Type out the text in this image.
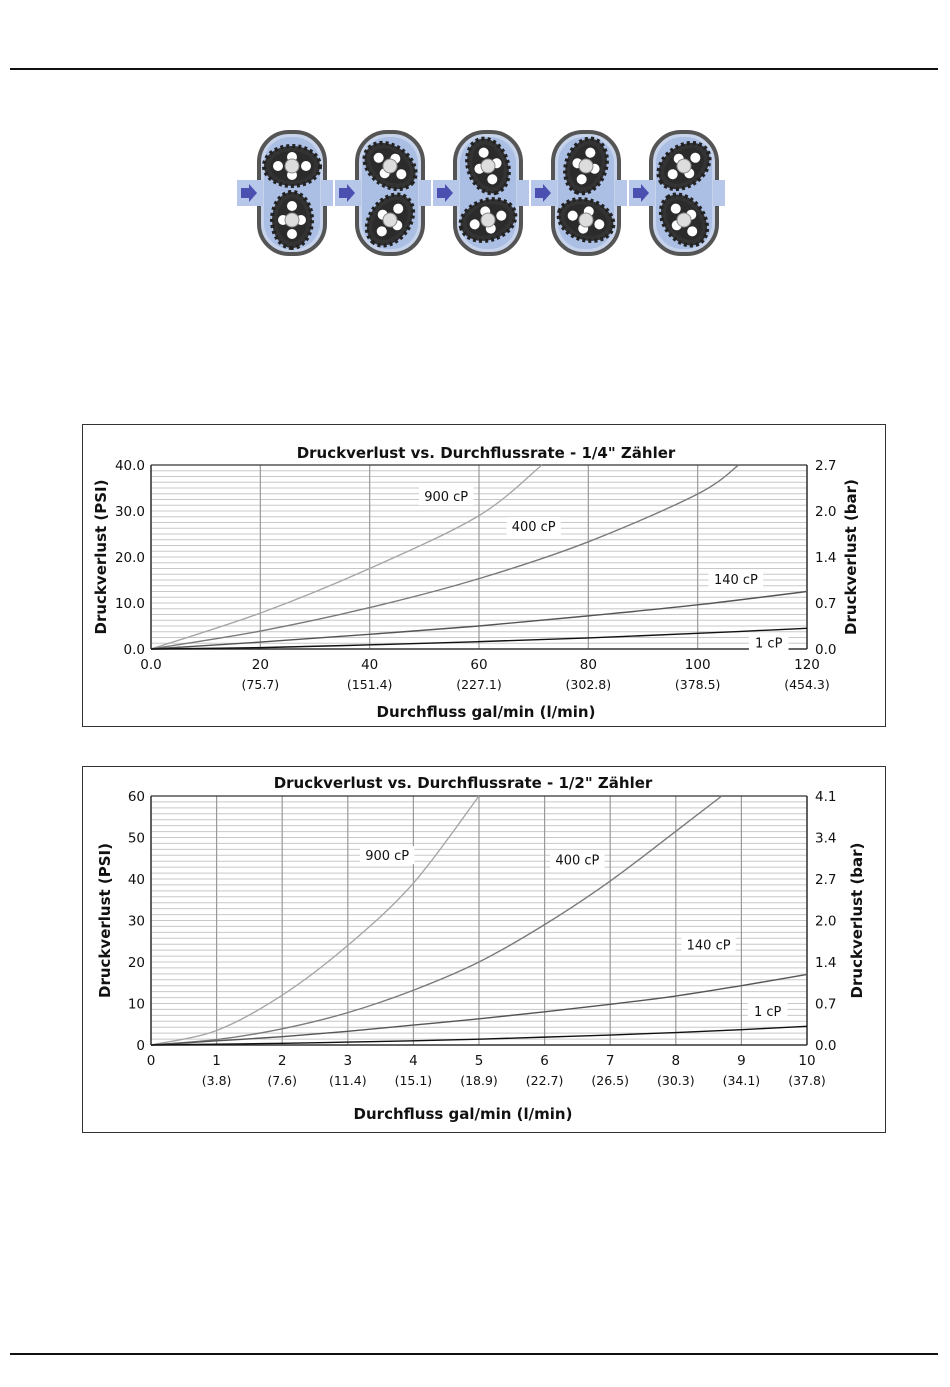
900 cP
400 cP
140 cP
1 cP
0.0	20
(75.7)
40
(151.4)
60
(227.1)
80
(302.8)
100
(378.5)
120
(454.3)
0.0
10.0
20.0
30.0
40.0
0.0
0.7
1.4
2.0
2.7
Druckverlust vs. Durchflussrate - 1/4" Zähler
Durchfluss gal/min (l/min)
Druckverlust (PSI)	Druckverlust (bar)
900 cP	400 cP
140 cP
1 cP
0	1
(3.8)
2
(7.6)
3
(11.4)
4
(15.1)
5
(18.9)
6
(22.7)
7
(26.5)
8
(30.3)
9
(34.1)
10
(37.8)
0
10
20
30
40
50
60
0.0
0.7
1.4
2.0
2.7
3.4
4.1
Druckverlust vs. Durchflussrate - 1/2" Zähler
Durchfluss gal/min (l/min)
Druckverlust (PSI)	Druckverlust (bar)
